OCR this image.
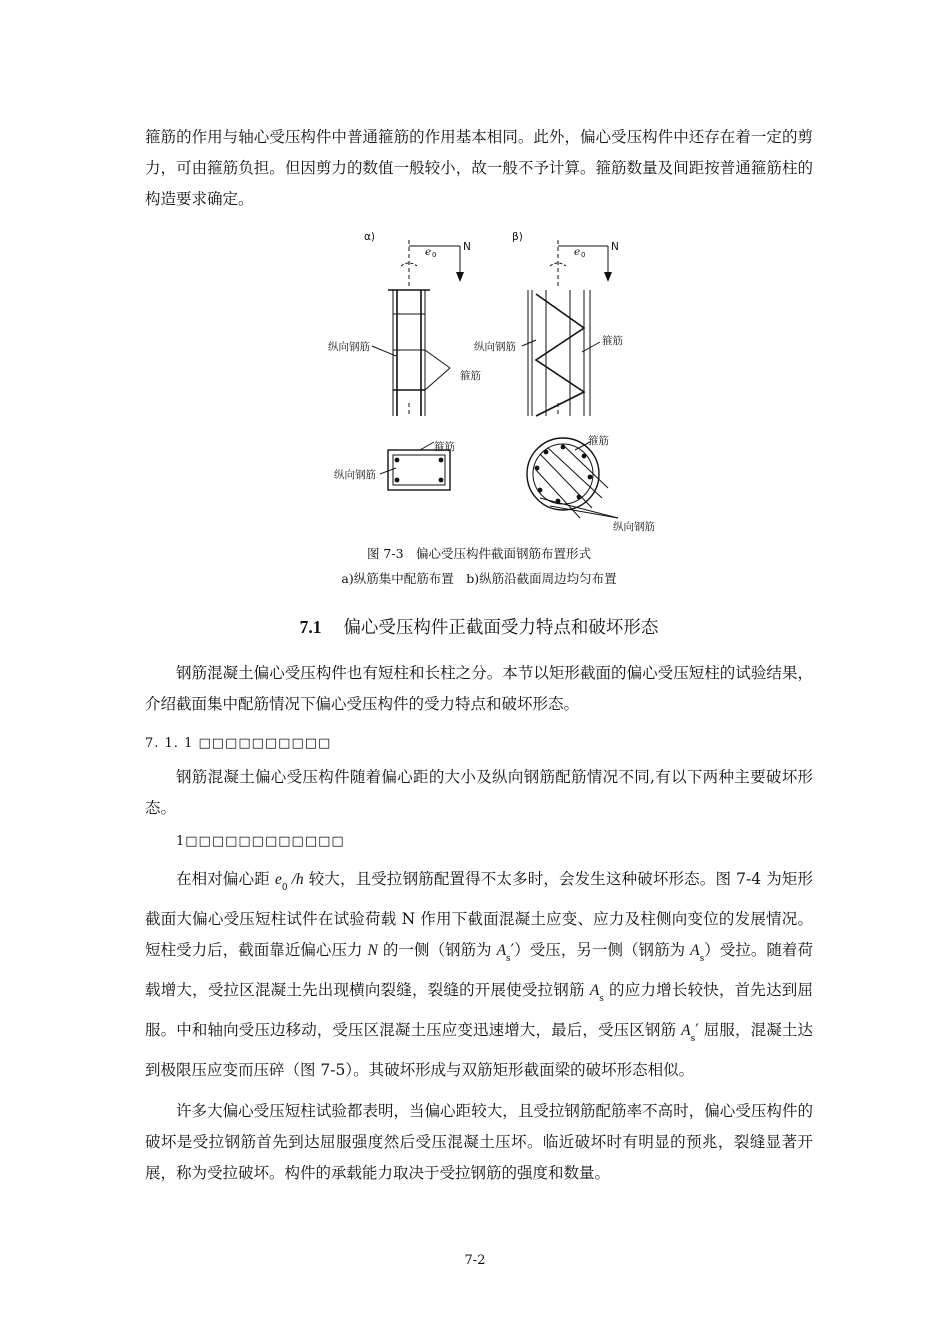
箍筋的作用与轴心受压构件中普通箍筋的作用基本相同。此外，偏心受压构件中还存在着一定的剪力，可由箍筋负担。但因剪力的数值一般较小，故一般不予计算。箍筋数量及间距按普通箍筋柱的构造要求确定。

α)	β)
N	N
e 0	e 0
纵向钢筋
箍筋
纵向钢筋	箍筋
箍筋
纵向钢筋
箍筋
纵向钢筋

图 7-3　偏心受压构件截面钢筋布置形式

a)纵筋集中配筋布置　b)纵筋沿截面周边均匀布置

7.1 偏心受压构件正截面受力特点和破坏形态

钢筋混凝土偏心受压构件也有短柱和长柱之分。本节以矩形截面的偏心受压短柱的试验结果，介绍截面集中配筋情况下偏心受压构件的受力特点和破坏形态。

7. 1. 1 □□□□□□□□□□

钢筋混凝土偏心受压构件随着偏心距的大小及纵向钢筋配筋情况不同,有以下两种主要破坏形态。

1□□□□□□□□□□□□

在相对偏心距 $e_0$ /h 较大，且受拉钢筋配置得不太多时，会发生这种破坏形态。图 7-4 为矩形截面大偏心受压短柱试件在试验荷载 N 作用下截面混凝土应变、应力及柱侧向变位的发展情况。短柱受力后，截面靠近偏心压力 N 的一侧（钢筋为 $A_s'$）受压，另一侧（钢筋为 $A_s$）受拉。随着荷载增大，受拉区混凝土先出现横向裂缝，裂缝的开展使受拉钢筋 $A_s$ 的应力增长较快，首先达到屈服。中和轴向受压边移动，受压区混凝土压应变迅速增大，最后，受压区钢筋 $A_s'$ 屈服，混凝土达到极限压应变而压碎（图 7-5）。其破坏形成与双筋矩形截面梁的破坏形态相似。

许多大偏心受压短柱试验都表明，当偏心距较大，且受拉钢筋配筋率不高时，偏心受压构件的破坏是受拉钢筋首先到达屈服强度然后受压混凝土压坏。临近破坏时有明显的预兆，裂缝显著开展，称为受拉破坏。构件的承载能力取决于受拉钢筋的强度和数量。

7-2
